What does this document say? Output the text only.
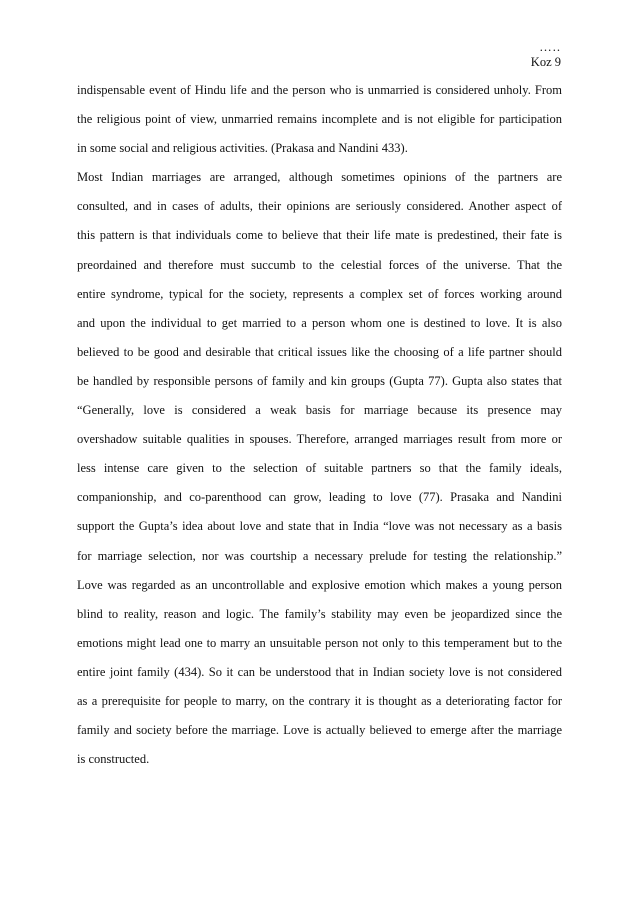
…..
Koz 9

indispensable event of Hindu life and the person who is unmarried is considered unholy. From
the religious point of view, unmarried remains incomplete and is not eligible for participation
in some social and religious activities. (Prakasa and Nandini 433).

Most Indian marriages are arranged, although sometimes opinions of the partners are
consulted, and in cases of adults, their opinions are seriously considered. Another aspect of
this pattern is that individuals come to believe that their life mate is predestined, their fate is
preordained and therefore must succumb to the celestial forces of the universe. That the
entire syndrome, typical for the society, represents a complex set of forces working around
and upon the individual to get married to a person whom one is destined to love. It is also
believed to be good and desirable that critical issues like the choosing of a life partner should
be handled by responsible persons of family and kin groups (Gupta 77). Gupta also states that
“Generally, love is considered a weak basis for marriage because its presence may
overshadow suitable qualities in spouses. Therefore, arranged marriages result from more or
less intense care given to the selection of suitable partners so that the family ideals,
companionship, and co-parenthood can grow, leading to love (77). Prasaka and Nandini
support the Gupta’s idea about love and state that in India “love was not necessary as a basis
for marriage selection, nor was courtship a necessary prelude for testing the relationship.”
Love was regarded as an uncontrollable and explosive emotion which makes a young person
blind to reality, reason and logic. The family’s stability may even be jeopardized since the
emotions might lead one to marry an unsuitable person not only to this temperament but to the
entire joint family (434). So it can be understood that in Indian society love is not considered
as a prerequisite for people to marry, on the contrary it is thought as a deteriorating factor for
family and society before the marriage. Love is actually believed to emerge after the marriage
is constructed.
